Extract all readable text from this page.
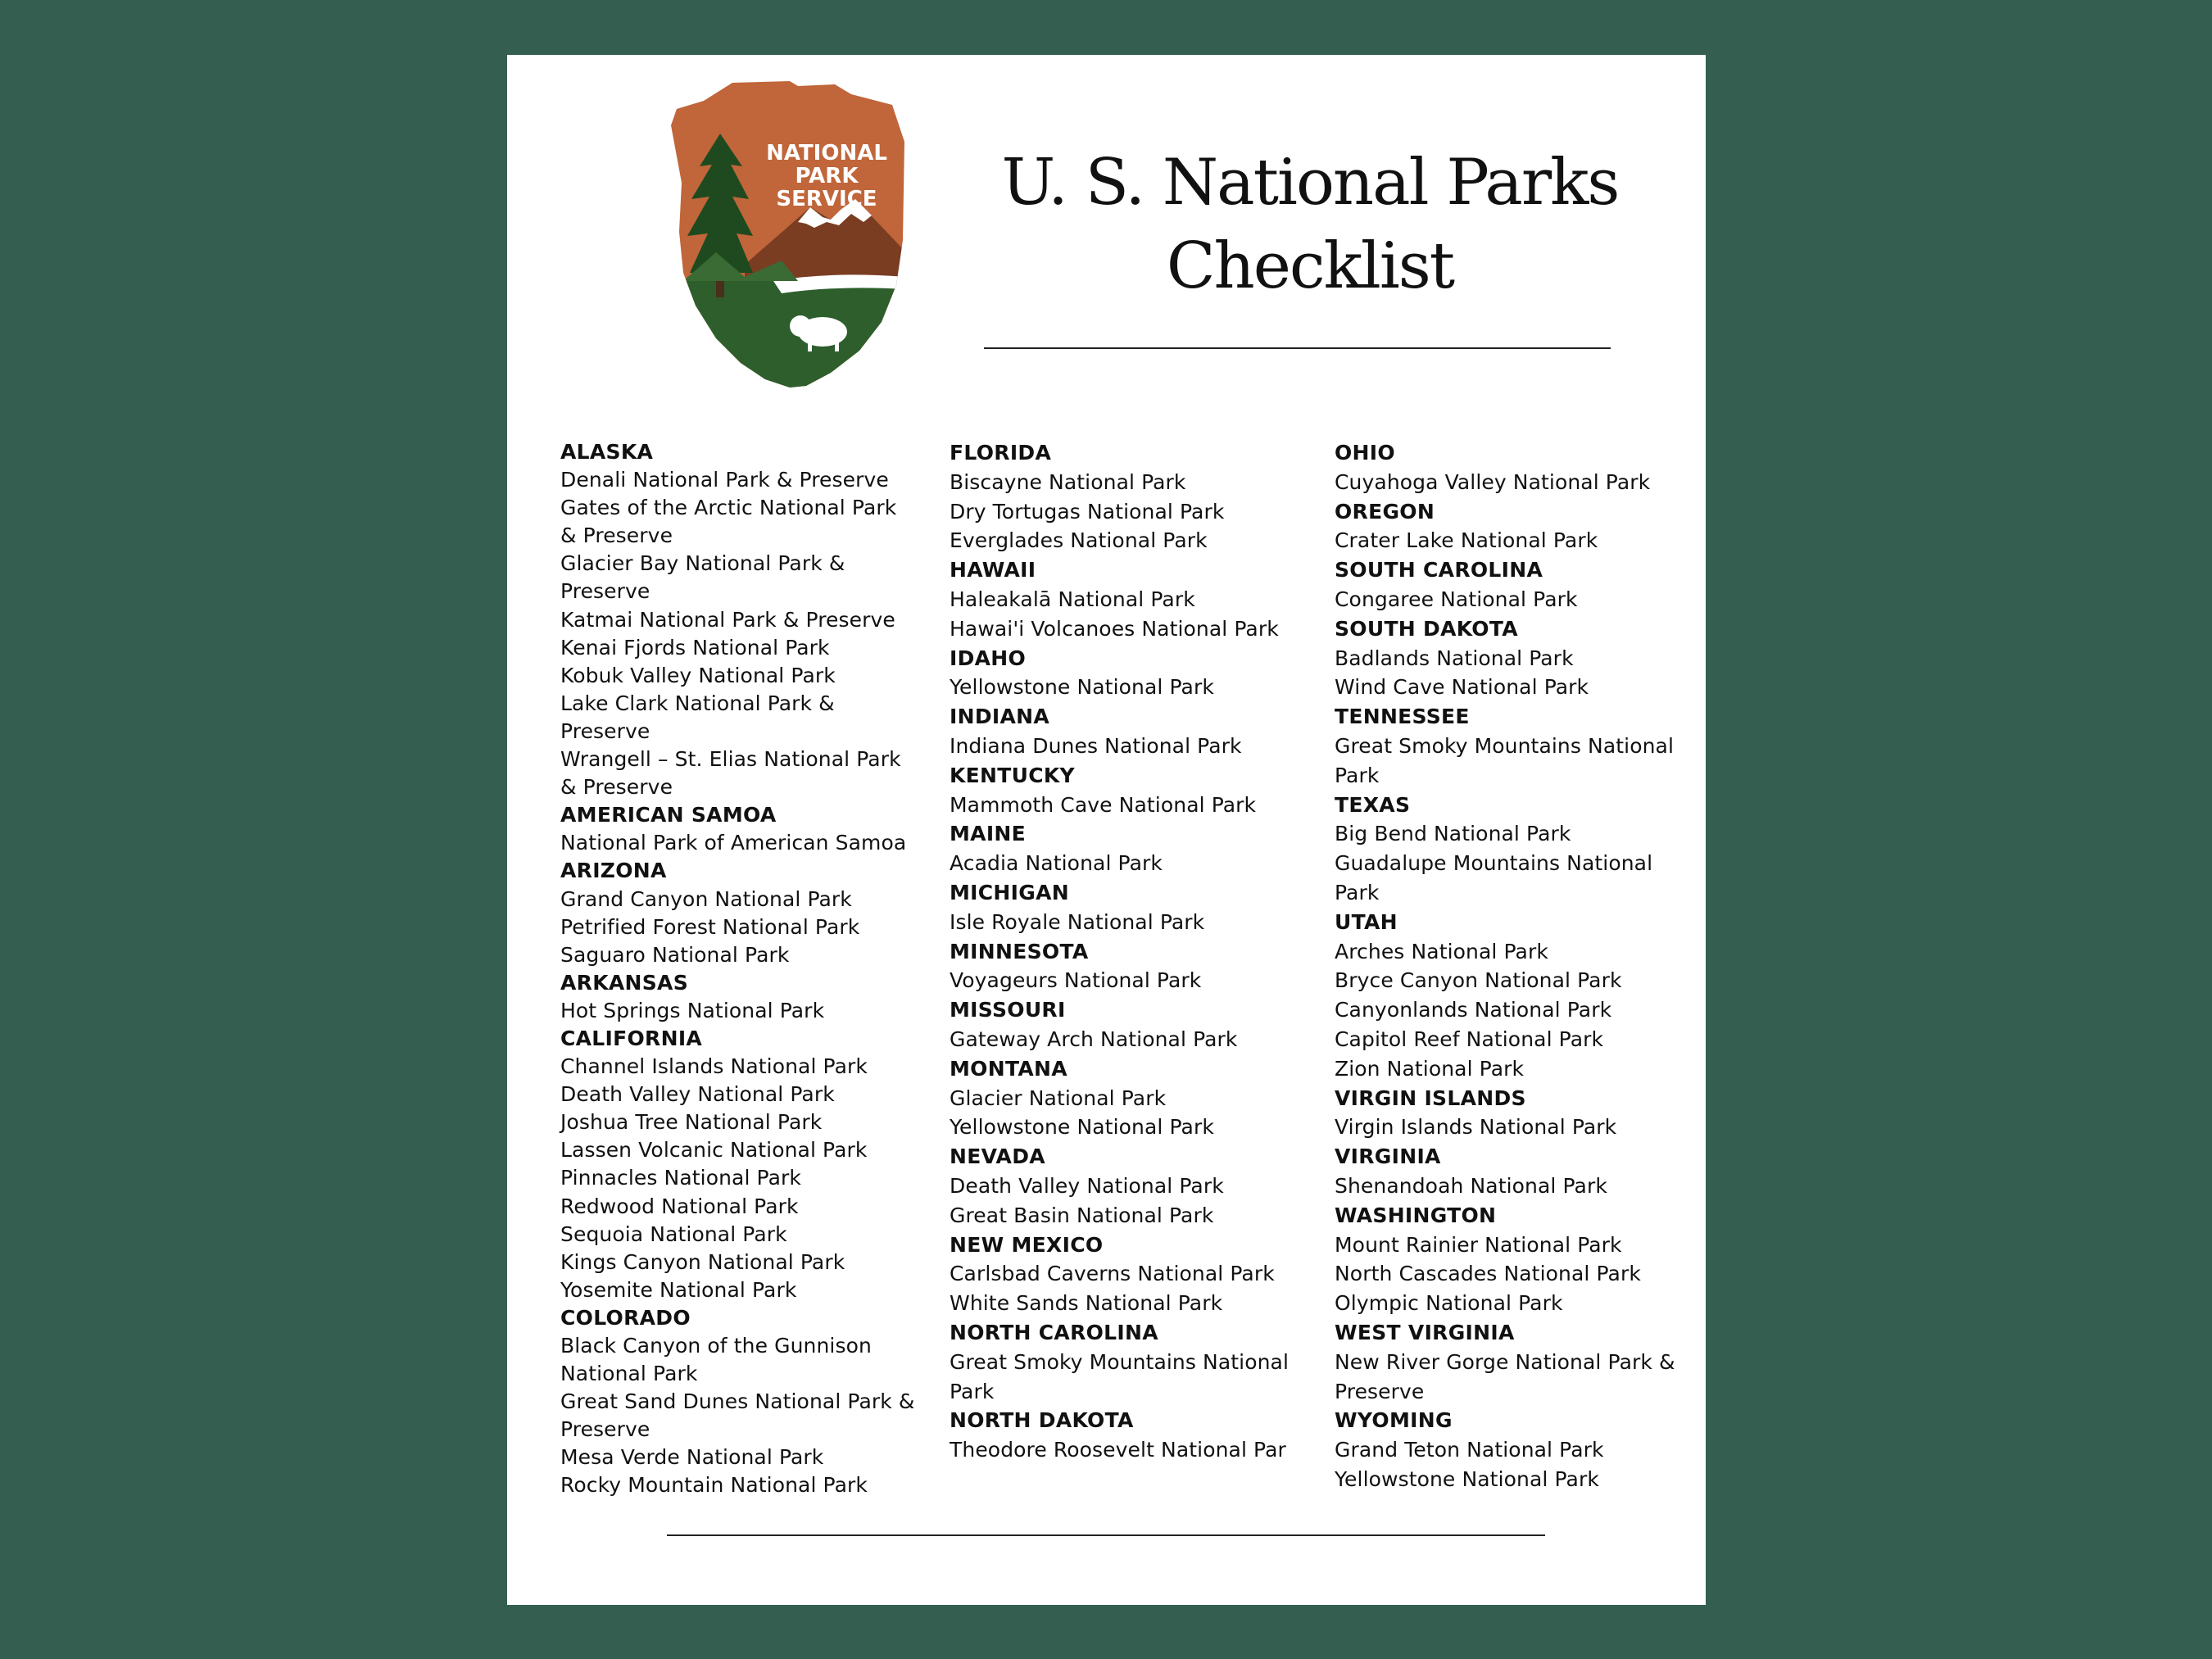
NATIONAL
PARK
SERVICE	U. S. National Parks
Checklist
ALASKA
Denali National Park & Preserve
Gates of the Arctic National Park
& Preserve
Glacier Bay National Park &
Preserve
Katmai National Park & Preserve
Kenai Fjords National Park
Kobuk Valley National Park
Lake Clark National Park &
Preserve
Wrangell – St. Elias National Park
& Preserve
AMERICAN SAMOA
National Park of American Samoa
ARIZONA
Grand Canyon National Park
Petrified Forest National Park
Saguaro National Park
ARKANSAS
Hot Springs National Park
CALIFORNIA
Channel Islands National Park
Death Valley National Park
Joshua Tree National Park
Lassen Volcanic National Park
Pinnacles National Park
Redwood National Park
Sequoia National Park
Kings Canyon National Park
Yosemite National Park
COLORADO
Black Canyon of the Gunnison
National Park
Great Sand Dunes National Park &
Preserve
Mesa Verde National Park
Rocky Mountain National Park
FLORIDA
Biscayne National Park
Dry Tortugas National Park
Everglades National Park
HAWAII
Haleakalā National Park
Hawai'i Volcanoes National Park
IDAHO
Yellowstone National Park
INDIANA
Indiana Dunes National Park
KENTUCKY
Mammoth Cave National Park
MAINE
Acadia National Park
MICHIGAN
Isle Royale National Park
MINNESOTA
Voyageurs National Park
MISSOURI
Gateway Arch National Park
MONTANA
Glacier National Park
Yellowstone National Park
NEVADA
Death Valley National Park
Great Basin National Park
NEW MEXICO
Carlsbad Caverns National Park
White Sands National Park
NORTH CAROLINA
Great Smoky Mountains National
Park
NORTH DAKOTA
Theodore Roosevelt National Par
OHIO
Cuyahoga Valley National Park
OREGON
Crater Lake National Park
SOUTH CAROLINA
Congaree National Park
SOUTH DAKOTA
Badlands National Park
Wind Cave National Park
TENNESSEE
Great Smoky Mountains National
Park
TEXAS
Big Bend National Park
Guadalupe Mountains National
Park
UTAH
Arches National Park
Bryce Canyon National Park
Canyonlands National Park
Capitol Reef National Park
Zion National Park
VIRGIN ISLANDS
Virgin Islands National Park
VIRGINIA
Shenandoah National Park
WASHINGTON
Mount Rainier National Park
North Cascades National Park
Olympic National Park
WEST VIRGINIA
New River Gorge National Park &
Preserve
WYOMING
Grand Teton National Park
Yellowstone National Park
